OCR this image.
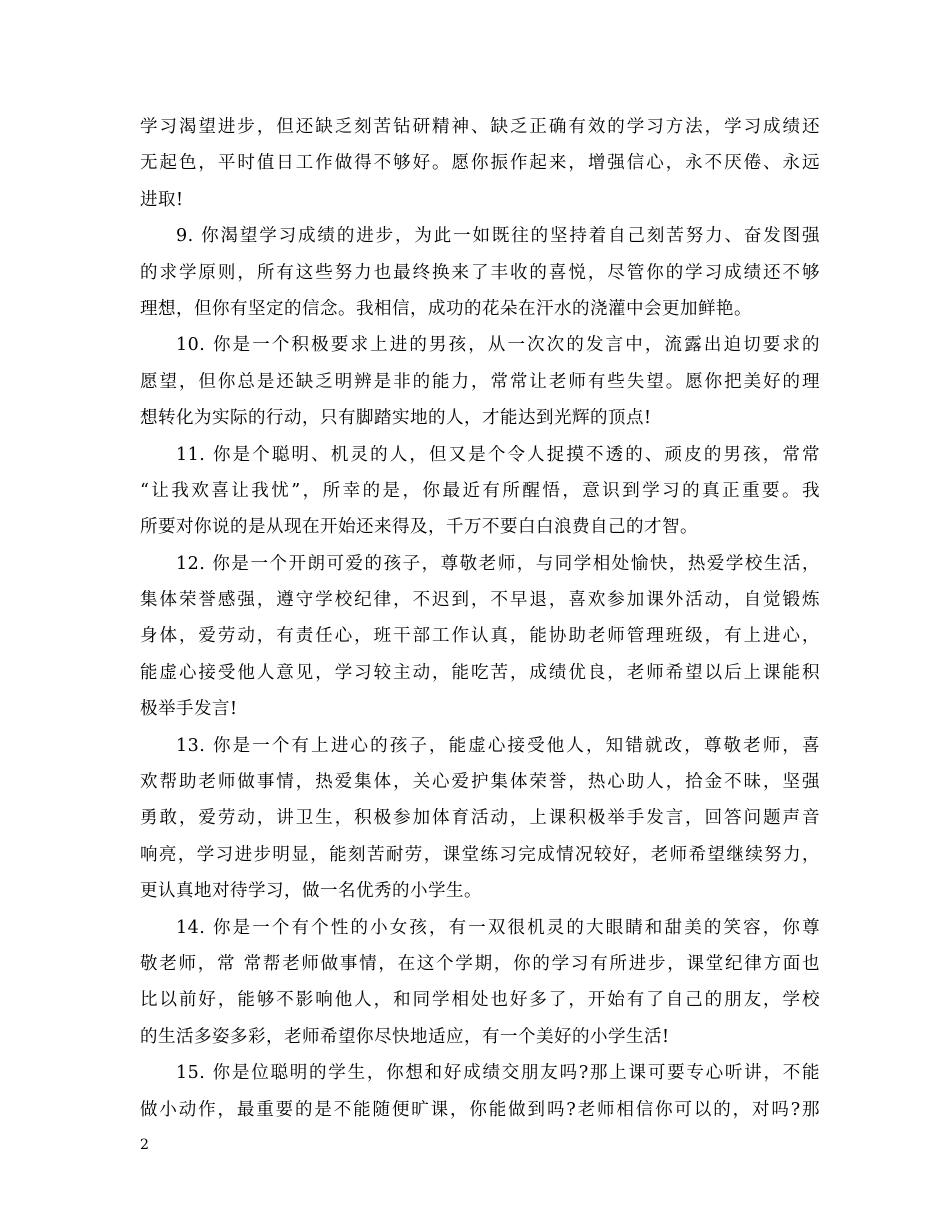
学习渴望进步，但还缺乏刻苦钻研精神、缺乏正确有效的学习方法，学习成绩还
无起色，平时值日工作做得不够好。愿你振作起来，增强信心，永不厌倦、永远
进取!
9. 你渴望学习成绩的进步，为此一如既往的坚持着自己刻苦努力、奋发图强
的求学原则，所有这些努力也最终换来了丰收的喜悦，尽管你的学习成绩还不够
理想，但你有坚定的信念。我相信，成功的花朵在汗水的浇灌中会更加鲜艳。
10. 你是一个积极要求上进的男孩，从一次次的发言中，流露出迫切要求的
愿望，但你总是还缺乏明辨是非的能力，常常让老师有些失望。愿你把美好的理
想转化为实际的行动，只有脚踏实地的人，才能达到光辉的顶点!
11. 你是个聪明、机灵的人，但又是个令人捉摸不透的、顽皮的男孩，常常
“让我欢喜让我忧”，所幸的是，你最近有所醒悟，意识到学习的真正重要。我
所要对你说的是从现在开始还来得及，千万不要白白浪费自己的才智。
12. 你是一个开朗可爱的孩子，尊敬老师，与同学相处愉快，热爱学校生活，
集体荣誉感强，遵守学校纪律，不迟到，不早退，喜欢参加课外活动，自觉锻炼
身体，爱劳动，有责任心，班干部工作认真，能协助老师管理班级，有上进心，
能虚心接受他人意见，学习较主动，能吃苦，成绩优良，老师希望以后上课能积
极举手发言!
13. 你是一个有上进心的孩子，能虚心接受他人，知错就改，尊敬老师，喜
欢帮助老师做事情，热爱集体，关心爱护集体荣誉，热心助人，拾金不昧，坚强
勇敢，爱劳动，讲卫生，积极参加体育活动，上课积极举手发言，回答问题声音
响亮，学习进步明显，能刻苦耐劳，课堂练习完成情况较好，老师希望继续努力，
更认真地对待学习，做一名优秀的小学生。
14. 你是一个有个性的小女孩，有一双很机灵的大眼睛和甜美的笑容，你尊
敬老师，常 常帮老师做事情，在这个学期，你的学习有所进步，课堂纪律方面也
比以前好，能够不影响他人，和同学相处也好多了，开始有了自己的朋友，学校
的生活多姿多彩，老师希望你尽快地适应，有一个美好的小学生活!
15. 你是位聪明的学生，你想和好成绩交朋友吗?那上课可要专心听讲，不能
做小动作，最重要的是不能随便旷课，你能做到吗?老师相信你可以的，对吗?那
2
